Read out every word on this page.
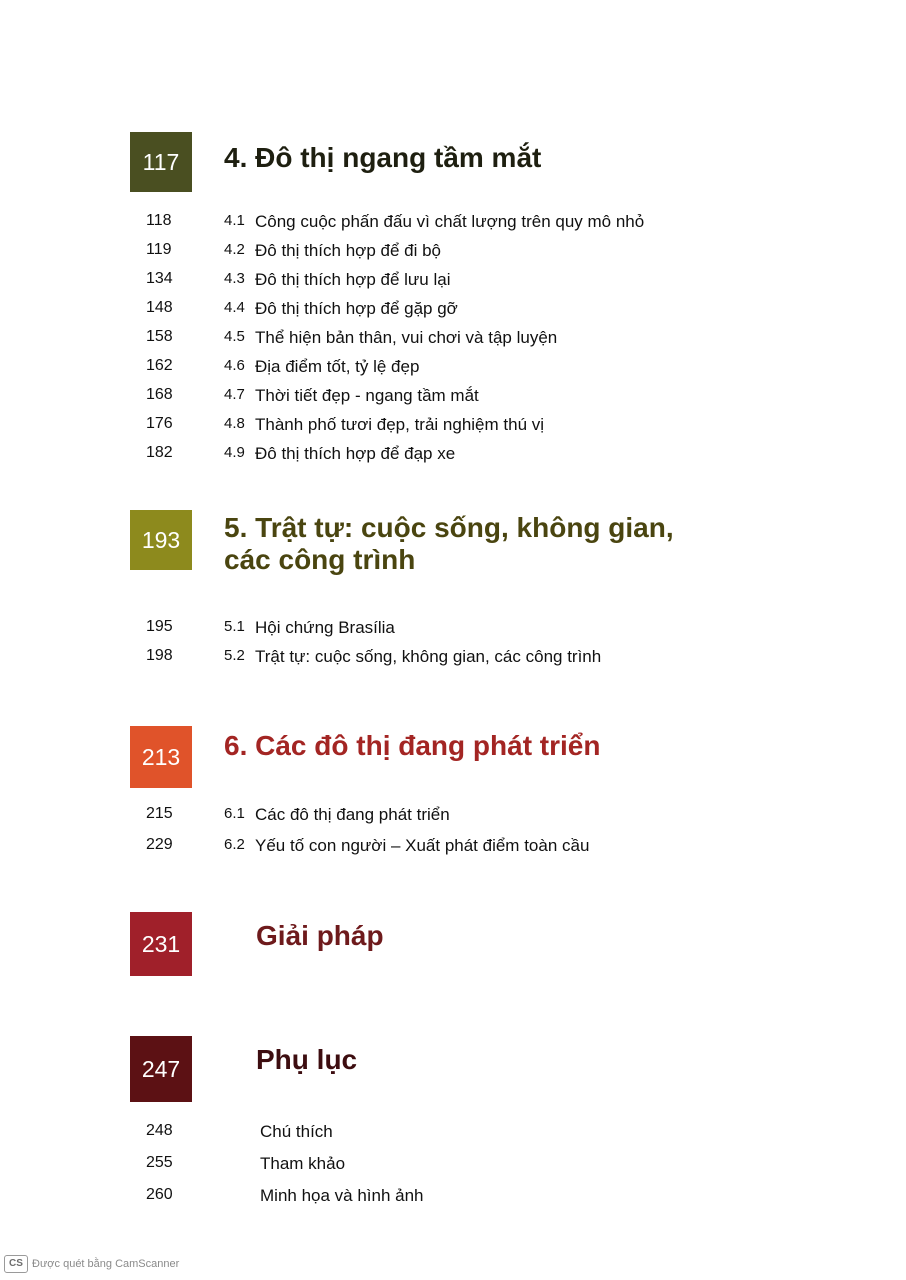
117	4. Đô thị ngang tầm mắt
118	4.1 Công cuộc phấn đấu vì chất lượng trên quy mô nhỏ
119	4.2 Đô thị thích hợp để đi bộ
134	4.3 Đô thị thích hợp để lưu lại
148	4.4 Đô thị thích hợp để gặp gỡ
158	4.5 Thể hiện bản thân, vui chơi và tập luyện
162	4.6 Địa điểm tốt, tỷ lệ đẹp
168	4.7 Thời tiết đẹp - ngang tầm mắt
176	4.8 Thành phố tươi đẹp, trải nghiệm thú vị
182	4.9 Đô thị thích hợp để đạp xe
193	5. Trật tự: cuộc sống, không gian,
các công trình
195	5.1 Hội chứng Brasília
198	5.2 Trật tự: cuộc sống, không gian, các công trình
213	6. Các đô thị đang phát triển
215	6.1 Các đô thị đang phát triển
229	6.2 Yếu tố con người – Xuất phát điểm toàn cầu
231	Giải pháp
247	Phụ lục
248	Chú thích
255	Tham khảo
260	Minh họa và hình ảnh
CS Được quét bằng CamScanner
